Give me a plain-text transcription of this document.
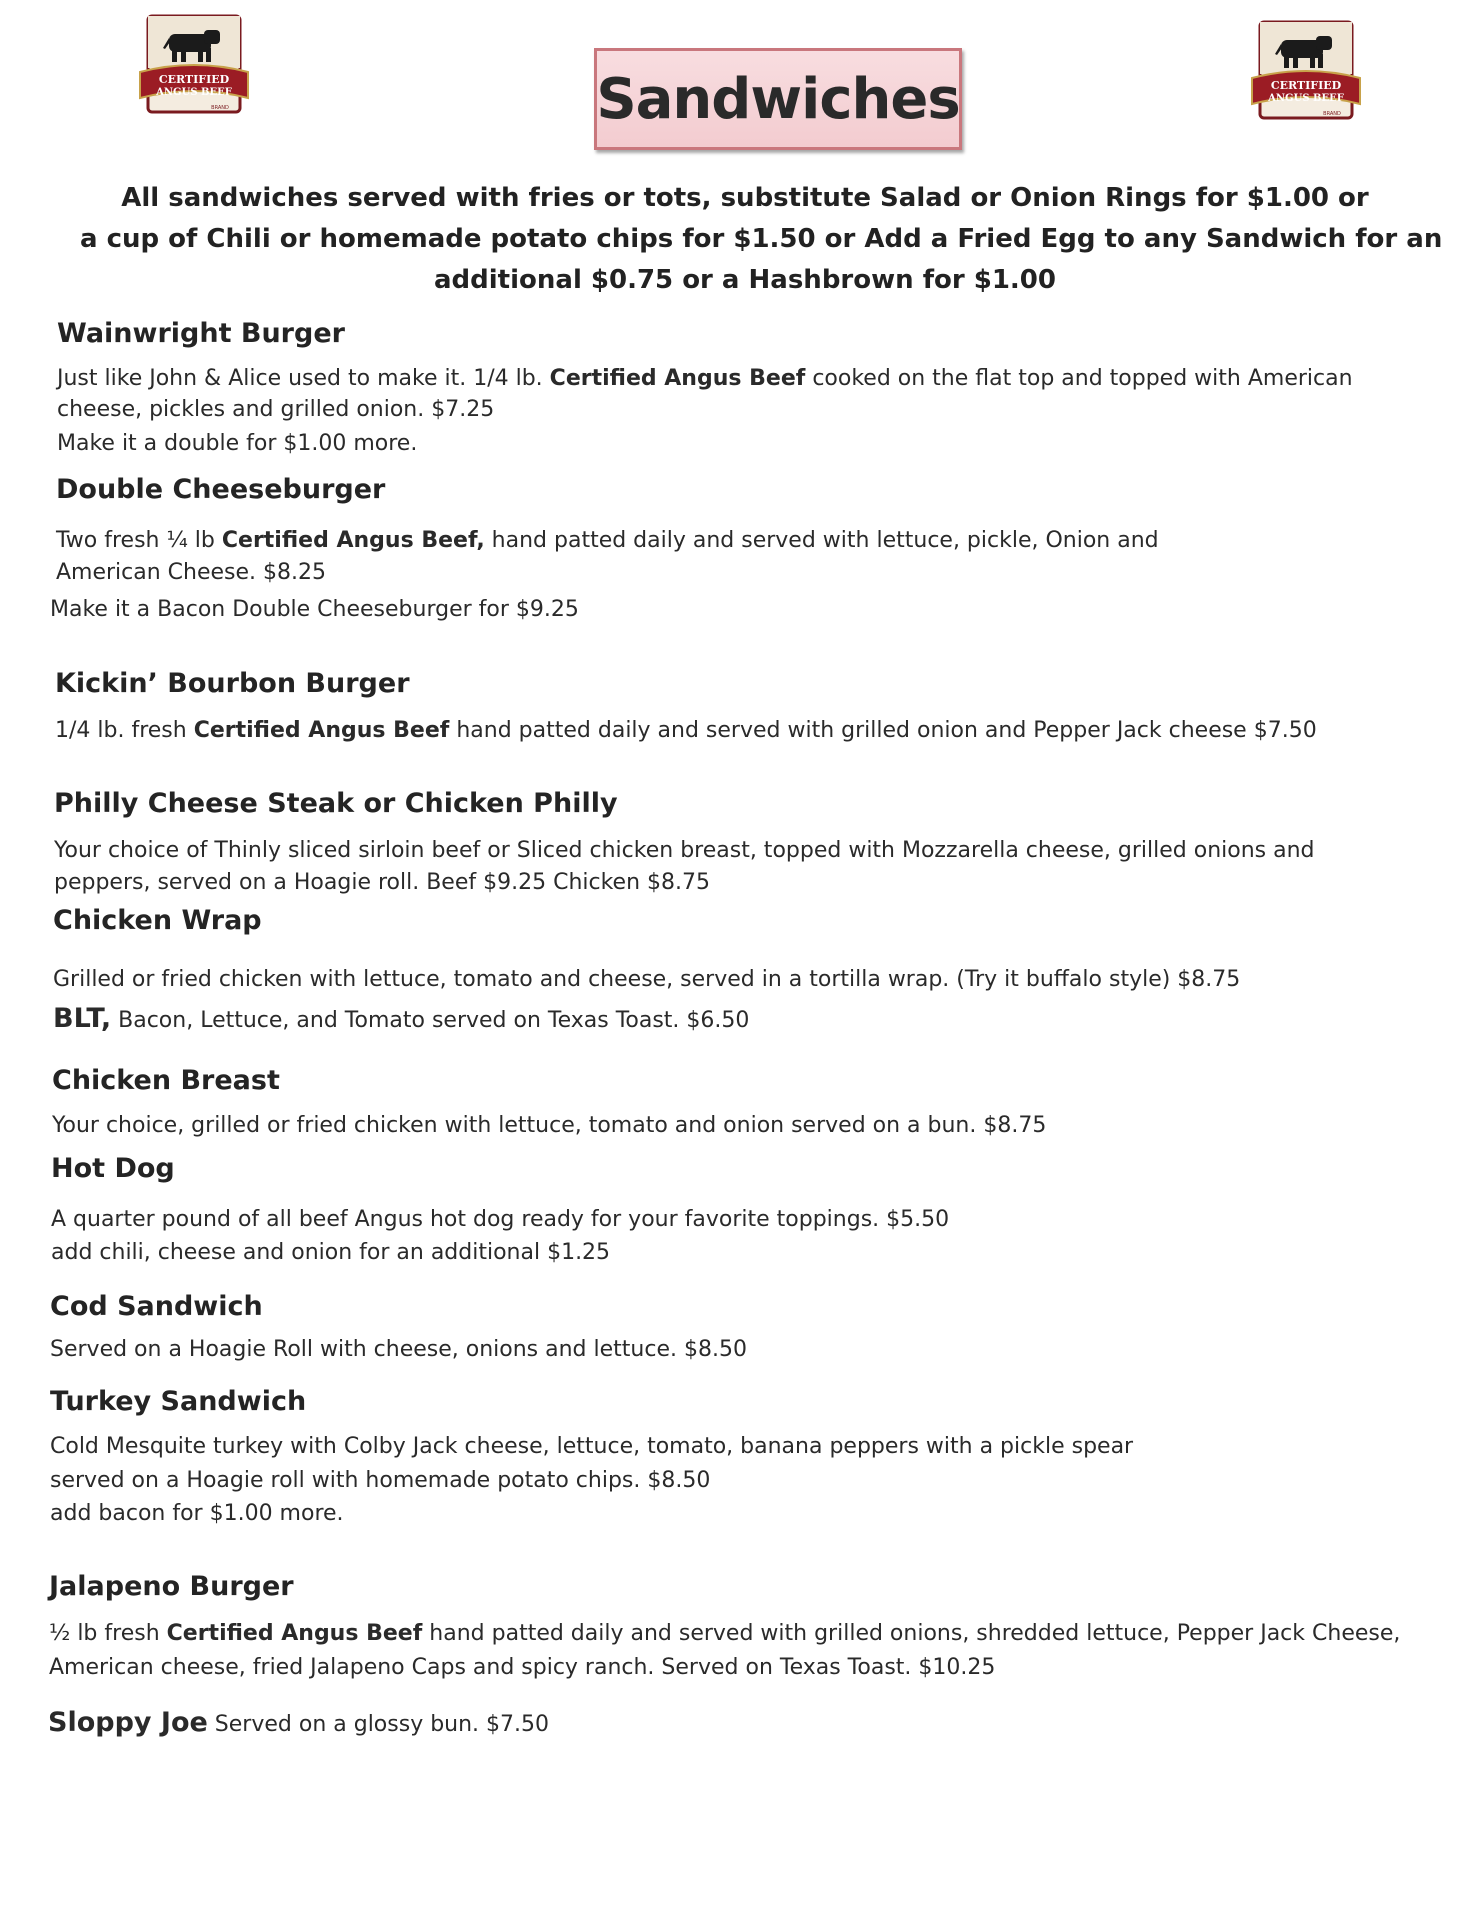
CERTIFIED
ANGUS BEEF
BRAND
CERTIFIED
ANGUS BEEF
BRAND
Sandwiches
All sandwiches served with fries or tots, substitute Salad or Onion Rings for $1.00 or
a cup of Chili or homemade potato chips for $1.50 or Add a Fried Egg to any Sandwich for an
additional $0.75 or a Hashbrown for $1.00
Wainwright Burger
Just like John & Alice used to make it. 1/4 lb. Certified Angus Beef cooked on the flat top and topped with American
cheese, pickles and grilled onion. $7.25
Make it a double for $1.00 more.
Double Cheeseburger
Two fresh ¼ lb Certified Angus Beef, hand patted daily and served with lettuce, pickle, Onion and
American Cheese. $8.25
Make it a Bacon Double Cheeseburger for $9.25
Kickin’ Bourbon Burger
1/4 lb. fresh Certified Angus Beef hand patted daily and served with grilled onion and Pepper Jack cheese $7.50
Philly Cheese Steak or Chicken Philly
Your choice of Thinly sliced sirloin beef or Sliced chicken breast, topped with Mozzarella cheese, grilled onions and
peppers, served on a Hoagie roll. Beef $9.25 Chicken $8.75
Chicken Wrap
Grilled or fried chicken with lettuce, tomato and cheese, served in a tortilla wrap. (Try it buffalo style) $8.75
BLT, Bacon, Lettuce, and Tomato served on Texas Toast. $6.50
Chicken Breast
Your choice, grilled or fried chicken with lettuce, tomato and onion served on a bun. $8.75
Hot Dog
A quarter pound of all beef Angus hot dog ready for your favorite toppings. $5.50
add chili, cheese and onion for an additional $1.25
Cod Sandwich
Served on a Hoagie Roll with cheese, onions and lettuce. $8.50
Turkey Sandwich
Cold Mesquite turkey with Colby Jack cheese, lettuce, tomato, banana peppers with a pickle spear
served on a Hoagie roll with homemade potato chips. $8.50
add bacon for $1.00 more.
Jalapeno Burger
½ lb fresh Certified Angus Beef hand patted daily and served with grilled onions, shredded lettuce, Pepper Jack Cheese,
American cheese, fried Jalapeno Caps and spicy ranch. Served on Texas Toast. $10.25
Sloppy Joe Served on a glossy bun. $7.50
